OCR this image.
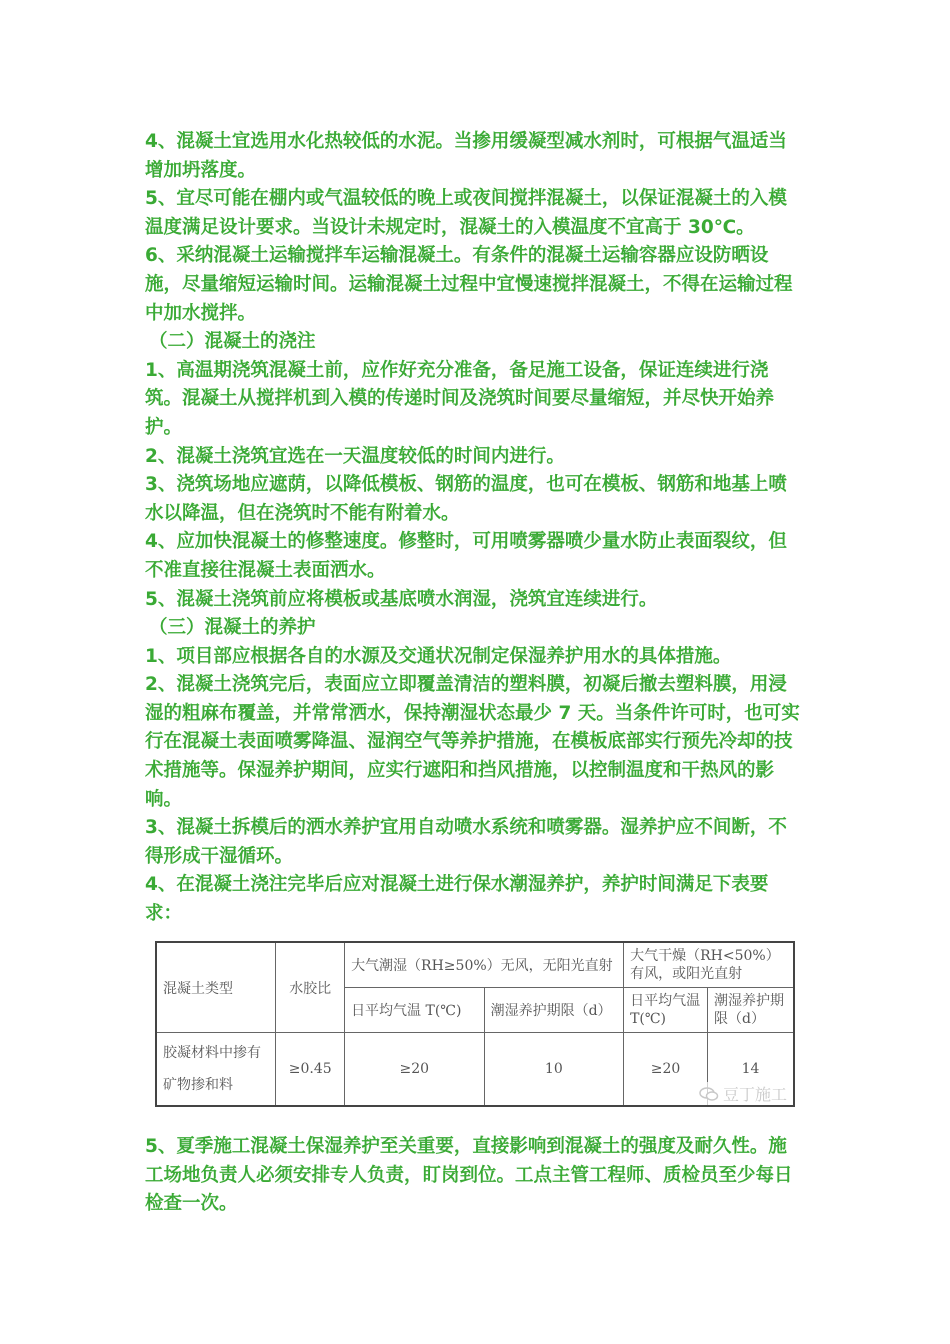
4、混凝土宜选用水化热较低的水泥。当掺用缓凝型减水剂时，可根据气温适当增加坍落度。

5、宜尽可能在棚内或气温较低的晚上或夜间搅拌混凝土，以保证混凝土的入模温度满足设计要求。当设计未规定时，混凝土的入模温度不宜高于 30℃。

6、采纳混凝土运输搅拌车运输混凝土。有条件的混凝土运输容器应设防晒设施，尽量缩短运输时间。运输混凝土过程中宜慢速搅拌混凝土，不得在运输过程中加水搅拌。

（二）混凝土的浇注

1、高温期浇筑混凝土前，应作好充分准备，备足施工设备，保证连续进行浇筑。混凝土从搅拌机到入模的传递时间及浇筑时间要尽量缩短，并尽快开始养护。

2、混凝土浇筑宜选在一天温度较低的时间内进行。

3、浇筑场地应遮荫，以降低模板、钢筋的温度，也可在模板、钢筋和地基上喷水以降温，但在浇筑时不能有附着水。

4、应加快混凝土的修整速度。修整时，可用喷雾器喷少量水防止表面裂纹，但不准直接往混凝土表面洒水。

5、混凝土浇筑前应将模板或基底喷水润湿，浇筑宜连续进行。

（三）混凝土的养护

1、项目部应根据各自的水源及交通状况制定保湿养护用水的具体措施。

2、混凝土浇筑完后，表面应立即覆盖清洁的塑料膜，初凝后撤去塑料膜，用浸湿的粗麻布覆盖，并常常洒水，保持潮湿状态最少 7 天。当条件许可时，也可实行在混凝土表面喷雾降温、湿润空气等养护措施，在模板底部实行预先冷却的技术措施等。保湿养护期间，应实行遮阳和挡风措施，以控制温度和干热风的影响。

3、混凝土拆模后的洒水养护宜用自动喷水系统和喷雾器。湿养护应不间断，不得形成干湿循环。

4、在混凝土浇注完毕后应对混凝土进行保水潮湿养护，养护时间满足下表要求：

混凝土类型	水胶比	大气潮湿（RH≥50%）无风，无阳光直射		大气干燥（RH<50%）有风，或阳光直射	
		日平均气温 T(℃)	潮湿养护期限（d）	日平均气温 T(℃)	潮湿养护期限（d）
胶凝材料中掺有矿物掺和料	≥0.45	≥20	10	≥20	14
豆丁施工

5、夏季施工混凝土保湿养护至关重要，直接影响到混凝土的强度及耐久性。施工场地负责人必须安排专人负责，盯岗到位。工点主管工程师、质检员至少每日检查一次。
